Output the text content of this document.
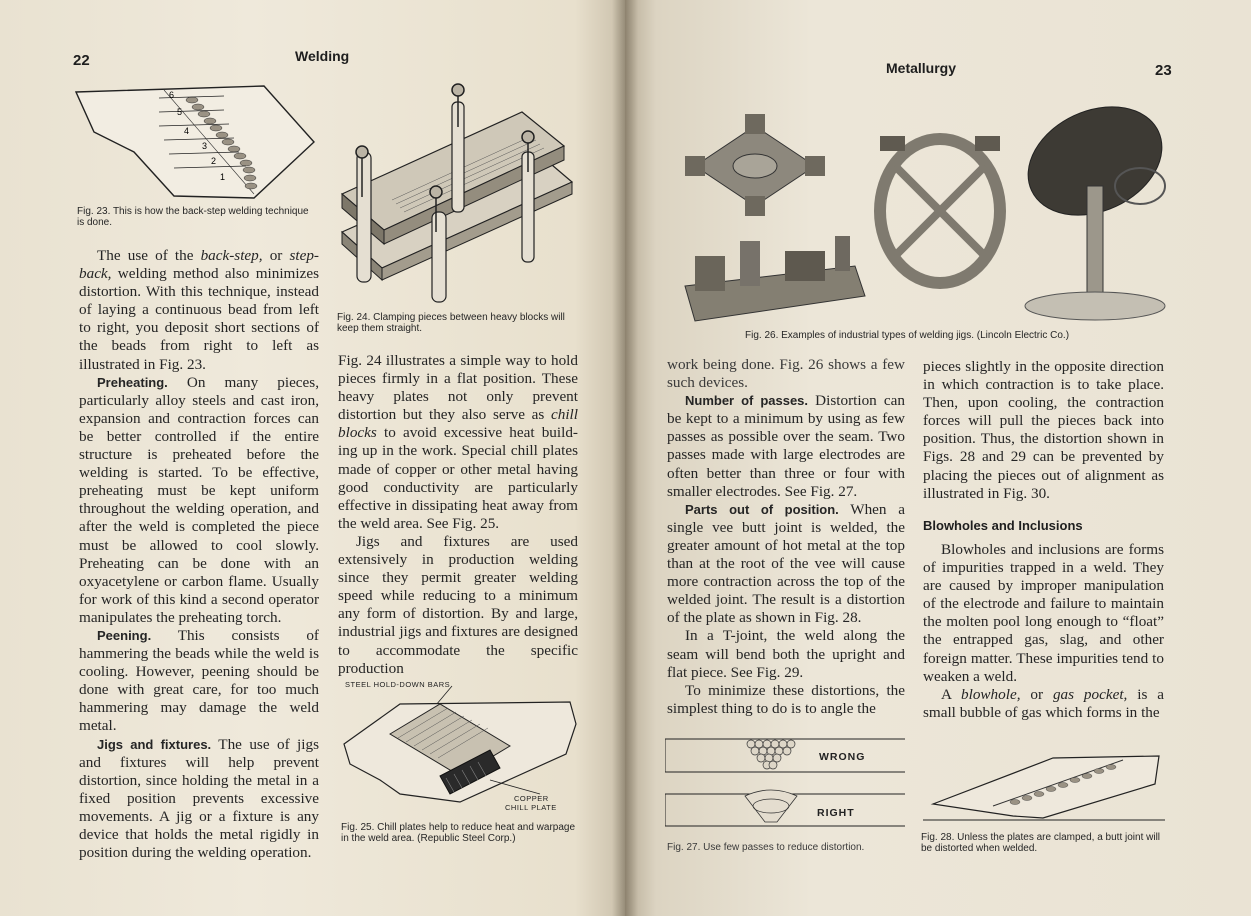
22	Welding
6
5
4
3
2
1
Fig. 23. This is how the back-step welding technique is done.
Fig. 24. Clamping pieces between heavy blocks will keep them straight.

The use of the back-step, or step-back, welding method also minimizes distortion. With this technique, instead of laying a continuous bead from left to right, you deposit short sections of the beads from right to left as illustrated in Fig. 23.

Preheating. On many pieces, particularly alloy steels and cast iron, expansion and contraction forces can be better controlled if the entire structure is preheated before the welding is started. To be effective, preheating must be kept uniform throughout the welding operation, and after the weld is completed the piece must be allowed to cool slowly. Preheating can be done with an oxyacetylene or carbon flame. Usually for work of this kind a second operator manipulates the preheating torch.

Peening. This consists of hammering the beads while the weld is cooling. However, peening should be done with great care, for too much hammering may damage the weld metal.

Jigs and fixtures. The use of jigs and fixtures will help prevent distortion, since holding the metal in a fixed position prevents excessive movements. A jig or a fixture is any device that holds the metal rigidly in position during the welding operation.

Fig. 24 illustrates a simple way to hold pieces firmly in a flat position. These heavy plates not only prevent distortion but they also serve as chill blocks to avoid excessive heat build-ing up in the work. Special chill plates made of copper or other metal having good conductivity are particularly effective in dissipating heat away from the weld area. See Fig. 25.

Jigs and fixtures are used extensively in production welding since they permit greater welding speed while reducing to a minimum any form of distortion. By and large, industrial jigs and fixtures are designed to accommodate the specific production

STEEL HOLD-DOWN BARS
COPPER
CHILL PLATE
Fig. 25. Chill plates help to reduce heat and warpage in the weld area. (Republic Steel Corp.)
Metallurgy	23
Fig. 26. Examples of industrial types of welding jigs. (Lincoln Electric Co.)

work being done. Fig. 26 shows a few such devices.

Number of passes. Distortion can be kept to a minimum by using as few passes as possible over the seam. Two passes made with large electrodes are often better than three or four with smaller electrodes. See Fig. 27.

Parts out of position. When a single vee butt joint is welded, the greater amount of hot metal at the top than at the root of the vee will cause more contraction across the top of the welded joint. The result is a distortion of the plate as shown in Fig. 28.

In a T-joint, the weld along the seam will bend both the upright and flat piece. See Fig. 29.

To minimize these distortions, the simplest thing to do is to angle the

WRONG
RIGHT
Fig. 27. Use few passes to reduce distortion.

pieces slightly in the opposite direction in which contraction is to take place. Then, upon cooling, the contraction forces will pull the pieces back into position. Thus, the distortion shown in Figs. 28 and 29 can be prevented by placing the pieces out of alignment as illustrated in Fig. 30.

Blowholes and Inclusions

Blowholes and inclusions are forms of impurities trapped in a weld. They are caused by improper manipulation of the electrode and failure to maintain the molten pool long enough to “float” the entrapped gas, slag, and other foreign matter. These impurities tend to weaken a weld.

A blowhole, or gas pocket, is a small bubble of gas which forms in the

Fig. 28. Unless the plates are clamped, a butt joint will be distorted when welded.
